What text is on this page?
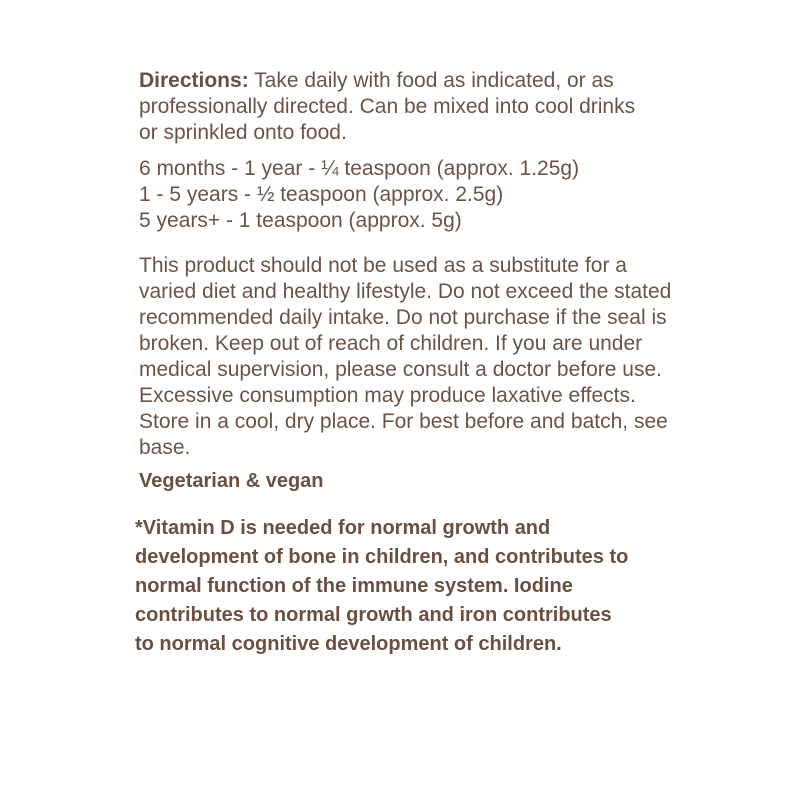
Directions: Take daily with food as indicated, or as professionally directed. Can be mixed into cool drinks or sprinkled onto food.

6 months - 1 year - ¼ teaspoon (approx. 1.25g)
1 - 5 years - ½ teaspoon (approx. 2.5g)
5 years+ - 1 teaspoon (approx. 5g)

This product should not be used as a substitute for a varied diet and healthy lifestyle. Do not exceed the stated recommended daily intake. Do not purchase if the seal is broken. Keep out of reach of children. If you are under medical supervision, please consult a doctor before use. Excessive consumption may produce laxative effects. Store in a cool, dry place. For best before and batch, see base.

Vegetarian & vegan
*Vitamin D is needed for normal growth and development of bone in children, and contributes to normal function of the immune system. Iodine contributes to normal growth and iron contributes to normal cognitive development of children.
